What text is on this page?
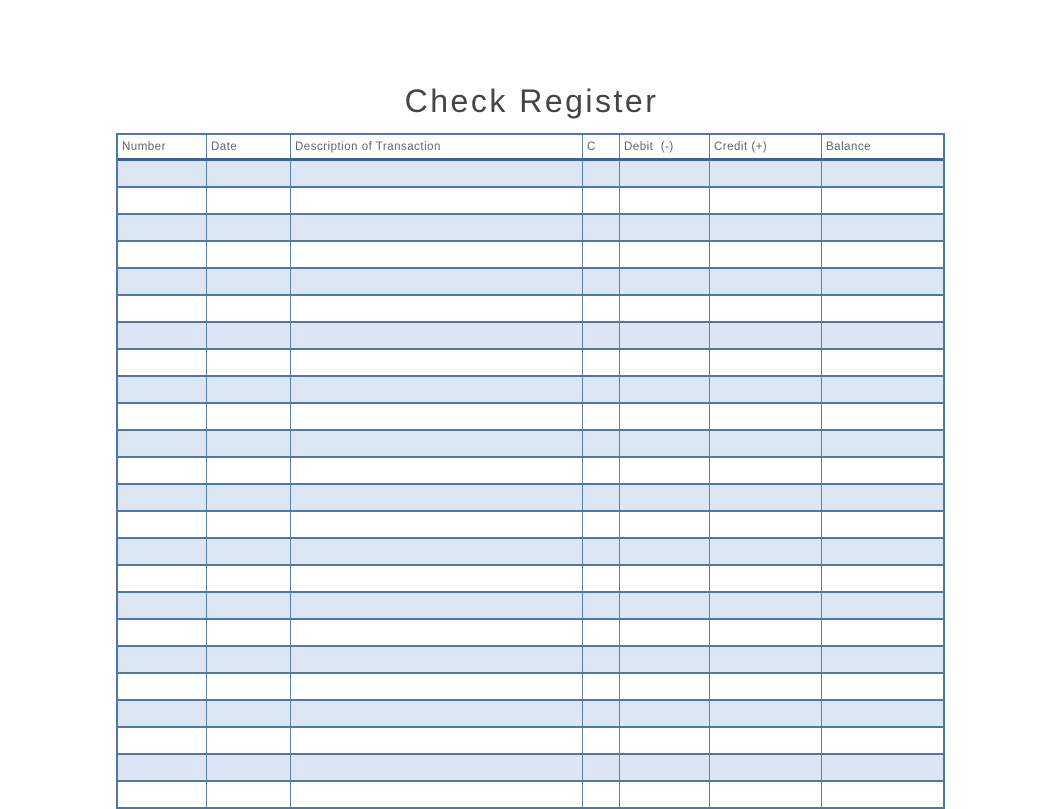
Check Register
Number	Date	Description of Transaction	C	Debit  (-)	Credit (+)	Balance
